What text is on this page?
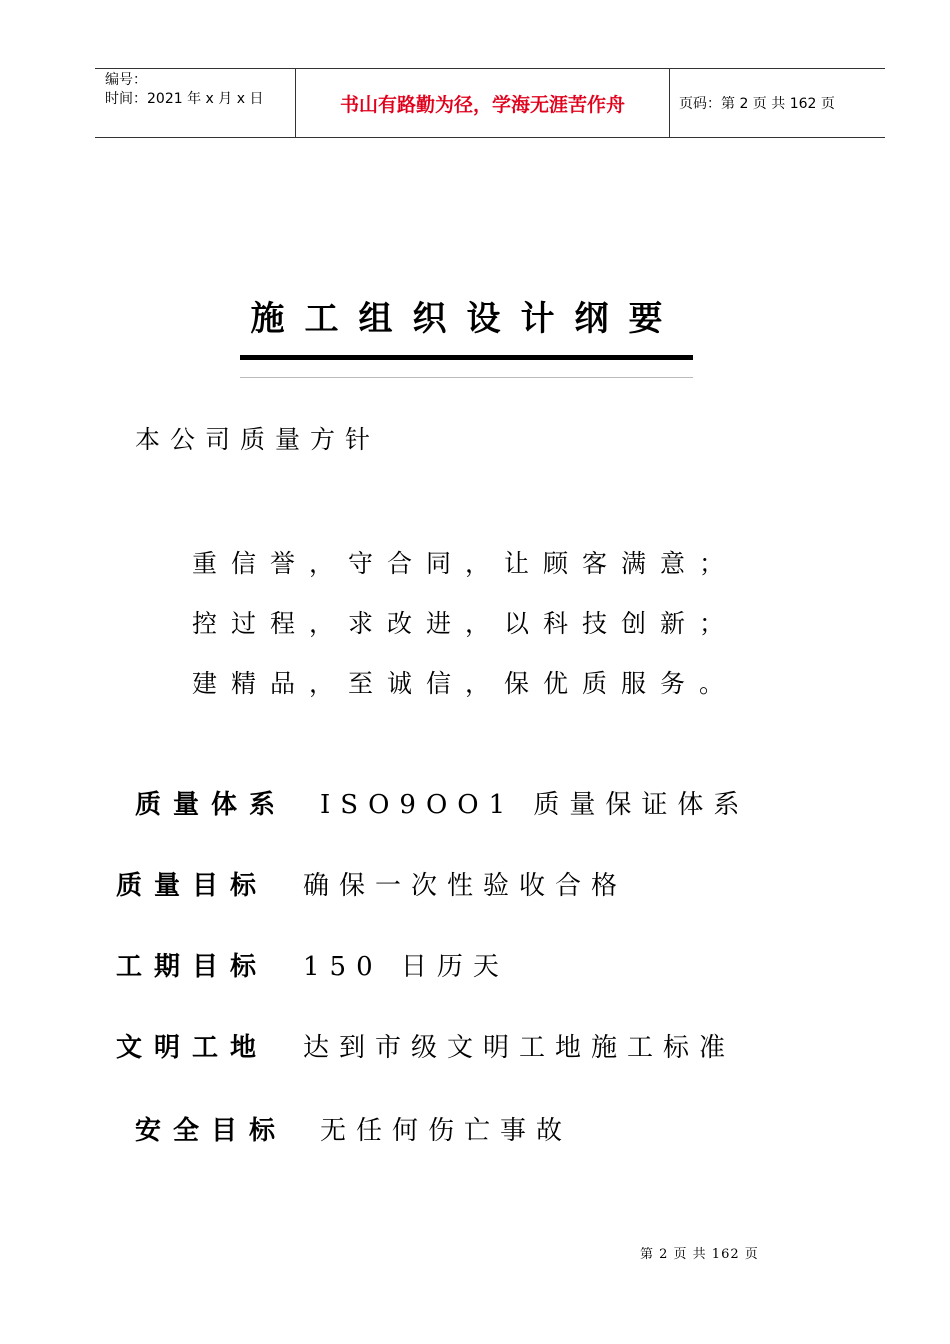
编号：
时间：2021 年 x 月 x 日	书山有路勤为径，学海无涯苦作舟	页码：第 2 页 共 162 页
施工组织设计纲要
本公司质量方针
重信誉，守合同，让顾客满意；
控过程，求改进，以科技创新；
建精品，至诚信，保优质服务。
质量体系 ISO9OO1 质量保证体系
质量目标 确保一次性验收合格
工期目标 150 日历天
文明工地 达到市级文明工地施工标准
安全目标 无任何伤亡事故
第 2 页 共 162 页
